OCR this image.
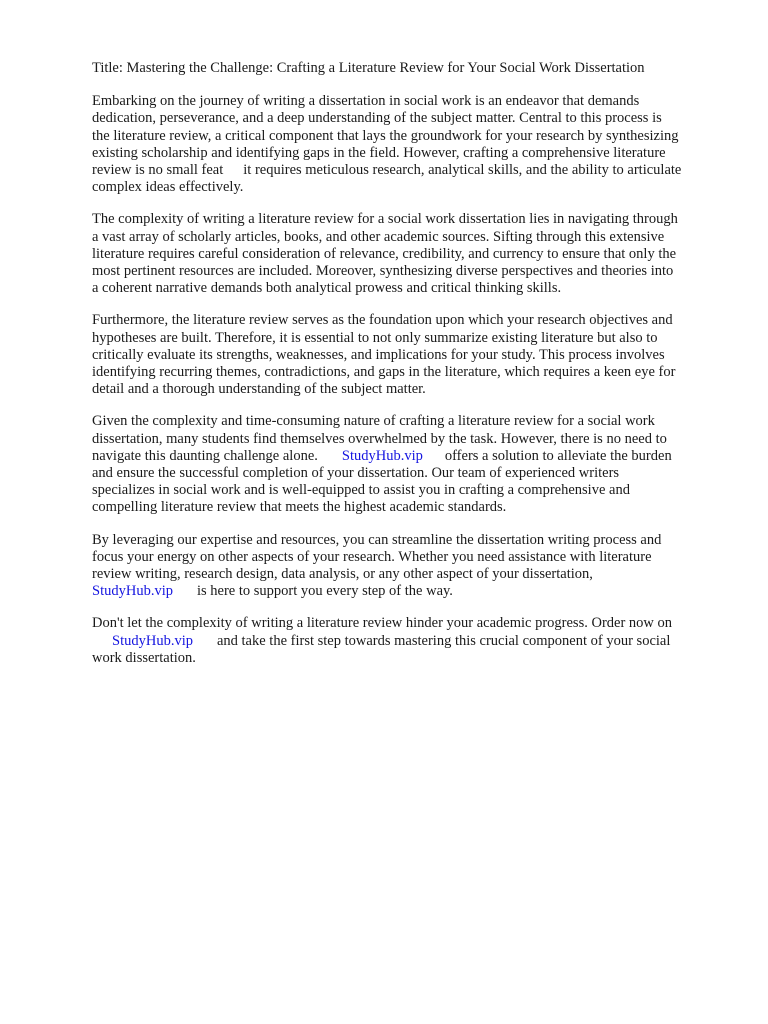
Title: Mastering the Challenge: Crafting a Literature Review for Your Social Work Dissertation

Embarking on the journey of writing a dissertation in social work is an endeavor that demands
dedication, perseverance, and a deep understanding of the subject matter. Central to this process is
the literature review, a critical component that lays the groundwork for your research by synthesizing
existing scholarship and identifying gaps in the field. However, crafting a comprehensive literature
review is no small feat it requires meticulous research, analytical skills, and the ability to articulate
complex ideas effectively.

The complexity of writing a literature review for a social work dissertation lies in navigating through
a vast array of scholarly articles, books, and other academic sources. Sifting through this extensive
literature requires careful consideration of relevance, credibility, and currency to ensure that only the
most pertinent resources are included. Moreover, synthesizing diverse perspectives and theories into
a coherent narrative demands both analytical prowess and critical thinking skills.

Furthermore, the literature review serves as the foundation upon which your research objectives and
hypotheses are built. Therefore, it is essential to not only summarize existing literature but also to
critically evaluate its strengths, weaknesses, and implications for your study. This process involves
identifying recurring themes, contradictions, and gaps in the literature, which requires a keen eye for
detail and a thorough understanding of the subject matter.

Given the complexity and time-consuming nature of crafting a literature review for a social work
dissertation, many students find themselves overwhelmed by the task. However, there is no need to
navigate this daunting challenge alone. StudyHub.vip offers a solution to alleviate the burden
and ensure the successful completion of your dissertation. Our team of experienced writers
specializes in social work and is well-equipped to assist you in crafting a comprehensive and
compelling literature review that meets the highest academic standards.

By leveraging our expertise and resources, you can streamline the dissertation writing process and
focus your energy on other aspects of your research. Whether you need assistance with literature
review writing, research design, data analysis, or any other aspect of your dissertation,
StudyHub.vip is here to support you every step of the way.

Don't let the complexity of writing a literature review hinder your academic progress. Order now on
StudyHub.vip and take the first step towards mastering this crucial component of your social
work dissertation.
